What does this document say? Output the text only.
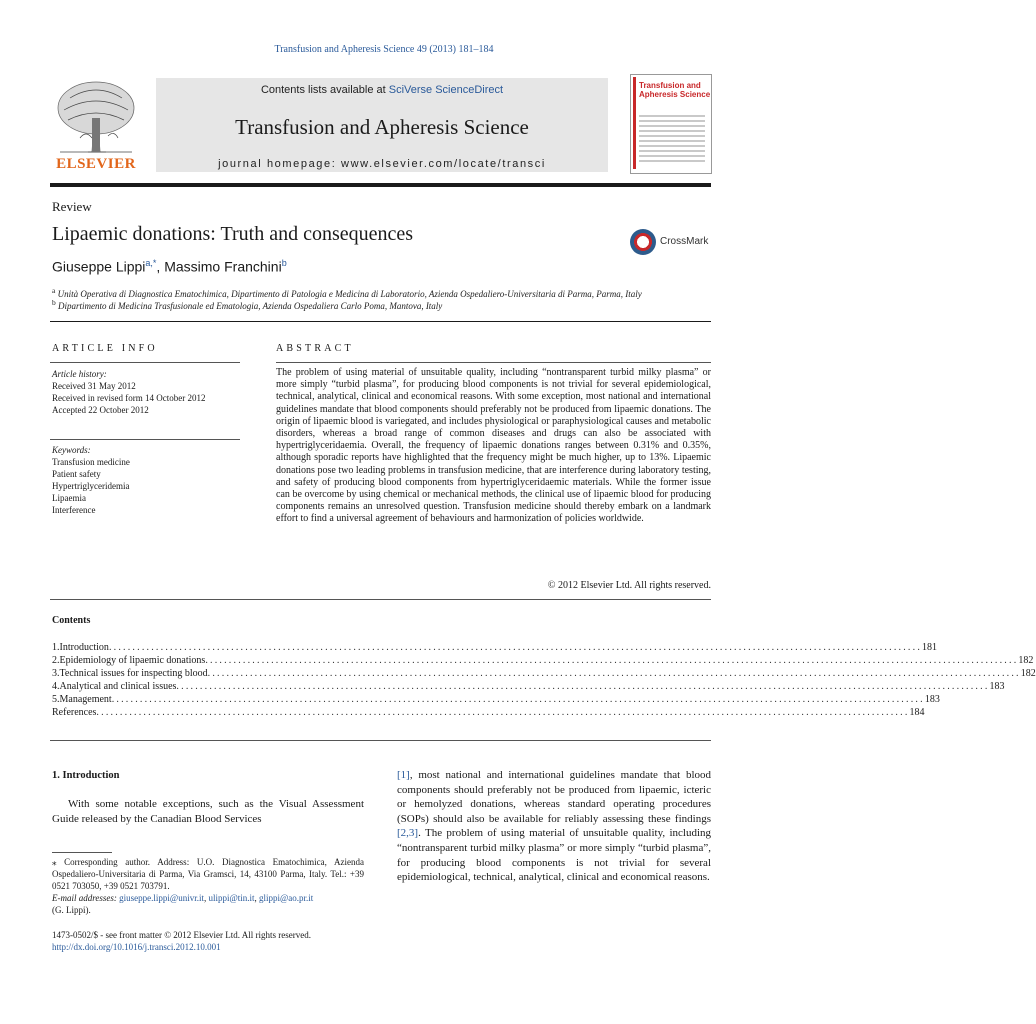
Transfusion and Apheresis Science 49 (2013) 181–184
ELSEVIER
Contents lists available at SciVerse ScienceDirect
Transfusion and Apheresis Science
journal homepage: www.elsevier.com/locate/transci
Transfusion and Apheresis Science
Review
Lipaemic donations: Truth and consequences	CrossMark
Giuseppe Lippi$^{a,*}$, Massimo Franchini$^b$
$^a$ Unità Operativa di Diagnostica Ematochimica, Dipartimento di Patologia e Medicina di Laboratorio, Azienda Ospedaliero-Universitaria di Parma, Parma, Italy
$^b$ Dipartimento di Medicina Trasfusionale ed Ematologia, Azienda Ospedaliera Carlo Poma, Mantova, Italy
ARTICLE INFO	ABSTRACT
Article history:
Received 31 May 2012
Received in revised form 14 October 2012
Accepted 22 October 2012
Keywords:
Transfusion medicine
Patient safety
Hypertriglyceridemia
Lipaemia
Interference
The problem of using material of unsuitable quality, including “nontransparent turbid milky plasma” or more simply “turbid plasma”, for producing blood components is not trivial for several epidemiological, technical, analytical, clinical and economical reasons. With some exception, most national and international guidelines mandate that blood components should preferably not be produced from lipaemic donations. The origin of lipaemic blood is variegated, and includes physiological or paraphysiological causes and metabolic disorders, whereas a broad range of common diseases and drugs can also be associated with hypertriglyceridaemia. Overall, the frequency of lipaemic donations ranges between 0.31% and 0.35%, although sporadic reports have highlighted that the frequency might be much higher, up to 13%. Lipaemic donations pose two leading problems in transfusion medicine, that are interference during laboratory testing, and safety of producing blood components from hypertriglyceridaemic materials. While the former issue can be overcome by using chemical or mechanical methods, the clinical use of lipaemic blood for producing components remains an unresolved question. Transfusion medicine should thereby embark on a landmark effort to find a universal agreement of behaviours and harmonization of policies worldwide.
© 2012 Elsevier Ltd. All rights reserved.
Contents
1. Introduction ............................................................................................................................................................................. 181
2. Epidemiology of lipaemic donations ............................................................................................................................................................................. 182
3. Technical issues for inspecting blood ............................................................................................................................................................................. 182
4. Analytical and clinical issues ............................................................................................................................................................................. 183
5. Management ............................................................................................................................................................................. 183
References ............................................................................................................................................................................. 184
1. Introduction
With some notable exceptions, such as the Visual Assessment Guide released by the Canadian Blood Services
⁎ Corresponding author. Address: U.O. Diagnostica Ematochimica, Azienda Ospedaliero-Universitaria di Parma, Via Gramsci, 14, 43100 Parma, Italy. Tel.: +39 0521 703050, +39 0521 703791.
E-mail addresses: giuseppe.lippi@univr.it, ulippi@tin.it, glippi@ao.pr.it
(G. Lippi).
1473-0502/$ - see front matter © 2012 Elsevier Ltd. All rights reserved.
http://dx.doi.org/10.1016/j.transci.2012.10.001
[1], most national and international guidelines mandate that blood components should preferably not be produced from lipaemic, icteric or hemolyzed donations, whereas standard operating procedures (SOPs) should also be available for reliably assessing these findings [2,3]. The problem of using material of unsuitable quality, including “nontransparent turbid milky plasma” or more simply “turbid plasma”, for producing blood components is not trivial for several epidemiological, technical, analytical, clinical and economical reasons.
